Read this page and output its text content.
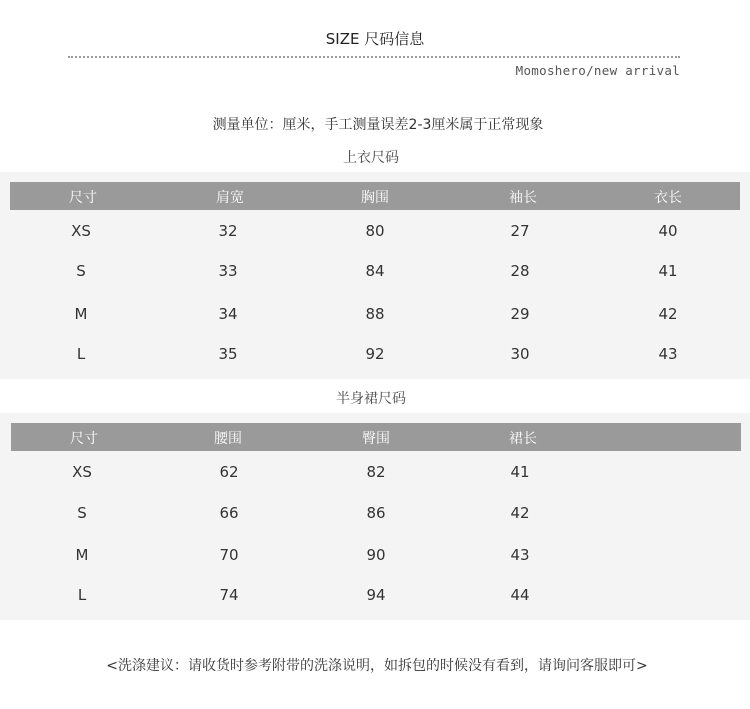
SIZE 尺码信息
Momoshero/new arrival
测量单位：厘米，手工测量误差2-3厘米属于正常现象
上衣尺码
尺寸	肩宽	胸围	袖长	衣长
XS	32	80	27	40
S	33	84	28	41
M	34	88	29	42
L	35	92	30	43
半身裙尺码
尺寸	腰围	臀围	裙长
XS	62	82	41
S	66	86	42
M	70	90	43
L	74	94	44
<洗涤建议：请收货时参考附带的洗涤说明，如拆包的时候没有看到，请询问客服即可>
